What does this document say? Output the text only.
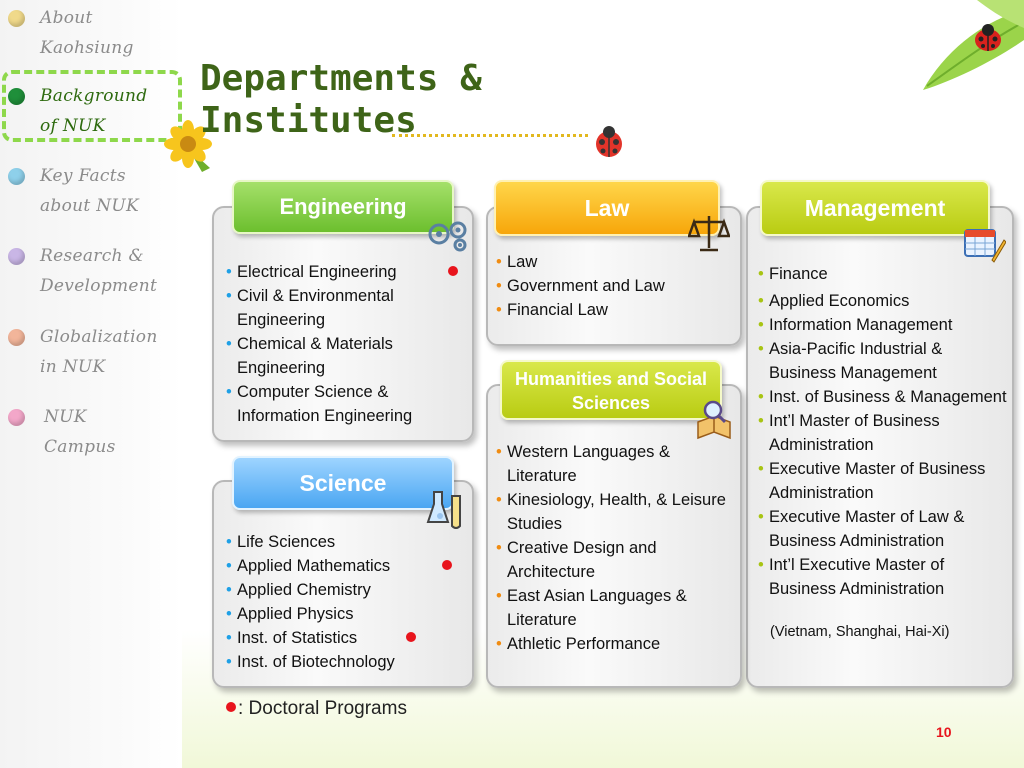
About
Kaohsiung
Background
of NUK
Key Facts
about NUK
Research &
Development
Globalization
in NUK
NUK
Campus
Departments &
Institutes
• Electrical Engineering
• Civil & Environmental Engineering
• Chemical & Materials Engineering
• Computer Science & Information Engineering
Engineering
• Law
• Government and Law
• Financial Law
Law
• Finance
• Applied Economics
• Information Management
• Asia-Pacific Industrial & Business Management
• Inst. of Business & Management
• Int’l Master of Business Administration
• Executive Master of Business Administration
• Executive Master of Law & Business Administration
• Int’l Executive Master of Business Administration
(Vietnam, Shanghai, Hai-Xi)
Management
• Western Languages & Literature
• Kinesiology, Health, & Leisure Studies
• Creative Design and Architecture
• East Asian Languages & Literature
• Athletic Performance
Humanities and Social Sciences
• Life Sciences
• Applied Mathematics
• Applied Chemistry
• Applied Physics
• Inst. of Statistics
• Inst. of Biotechnology
Science
: Doctoral Programs
10
